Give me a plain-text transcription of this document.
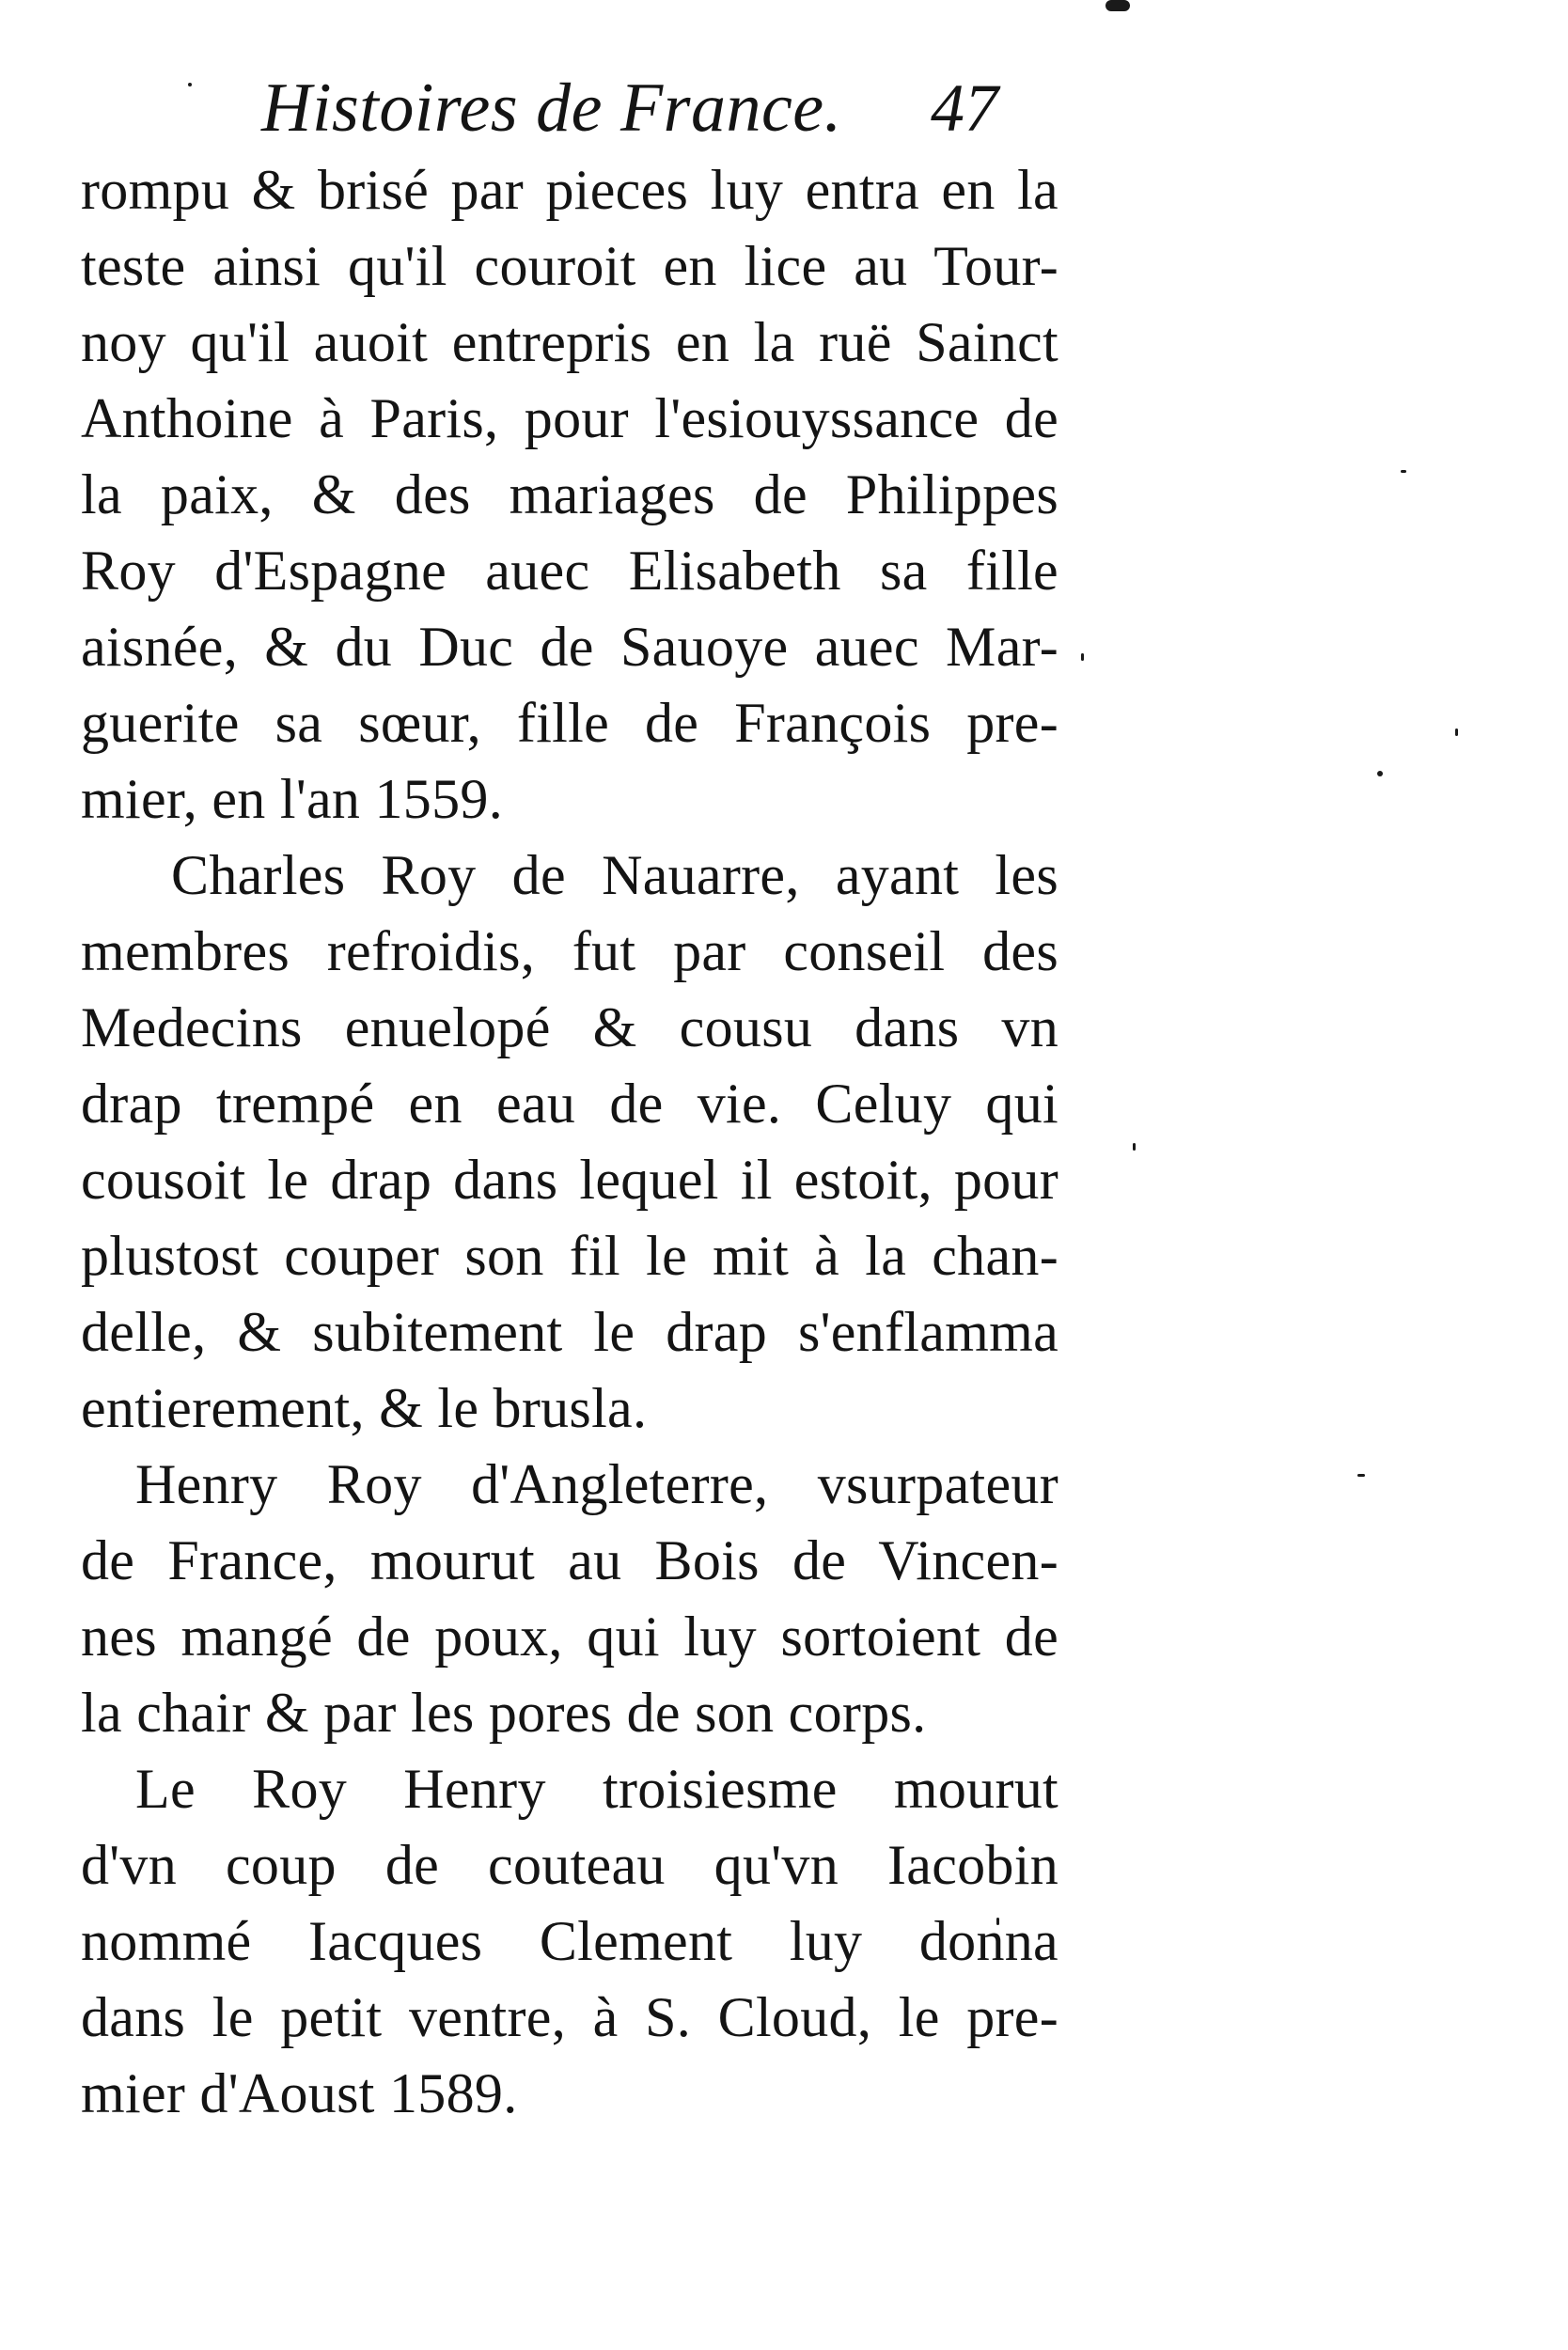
Histoires de France. 47
rompu & brisé par pieces luy entra en la
teste ainsi qu'il couroit en lice au Tour-
noy qu'il auoit entrepris en la ruë Sainct
Anthoine à Paris, pour l'esiouyssance de
la paix, & des mariages de Philippes
Roy d'Espagne auec Elisabeth sa fille
aisnée, & du Duc de Sauoye auec Mar-
guerite sa sœur, fille de François pre-
mier, en l'an 1559.
Charles Roy de Nauarre, ayant les
membres refroidis, fut par conseil des
Medecins enuelopé & cousu dans vn
drap trempé en eau de vie. Celuy qui
cousoit le drap dans lequel il estoit, pour
plustost couper son fil le mit à la chan-
delle, & subitement le drap s'enflamma
entierement, & le brusla.
Henry Roy d'Angleterre, vsurpateur
de France, mourut au Bois de Vincen-
nes mangé de poux, qui luy sortoient de
la chair & par les pores de son corps.
Le Roy Henry troisiesme mourut
d'vn coup de couteau qu'vn Iacobin
nommé Iacques Clement luy donna
dans le petit ventre, à S. Cloud, le pre-
mier d'Aoust 1589.
